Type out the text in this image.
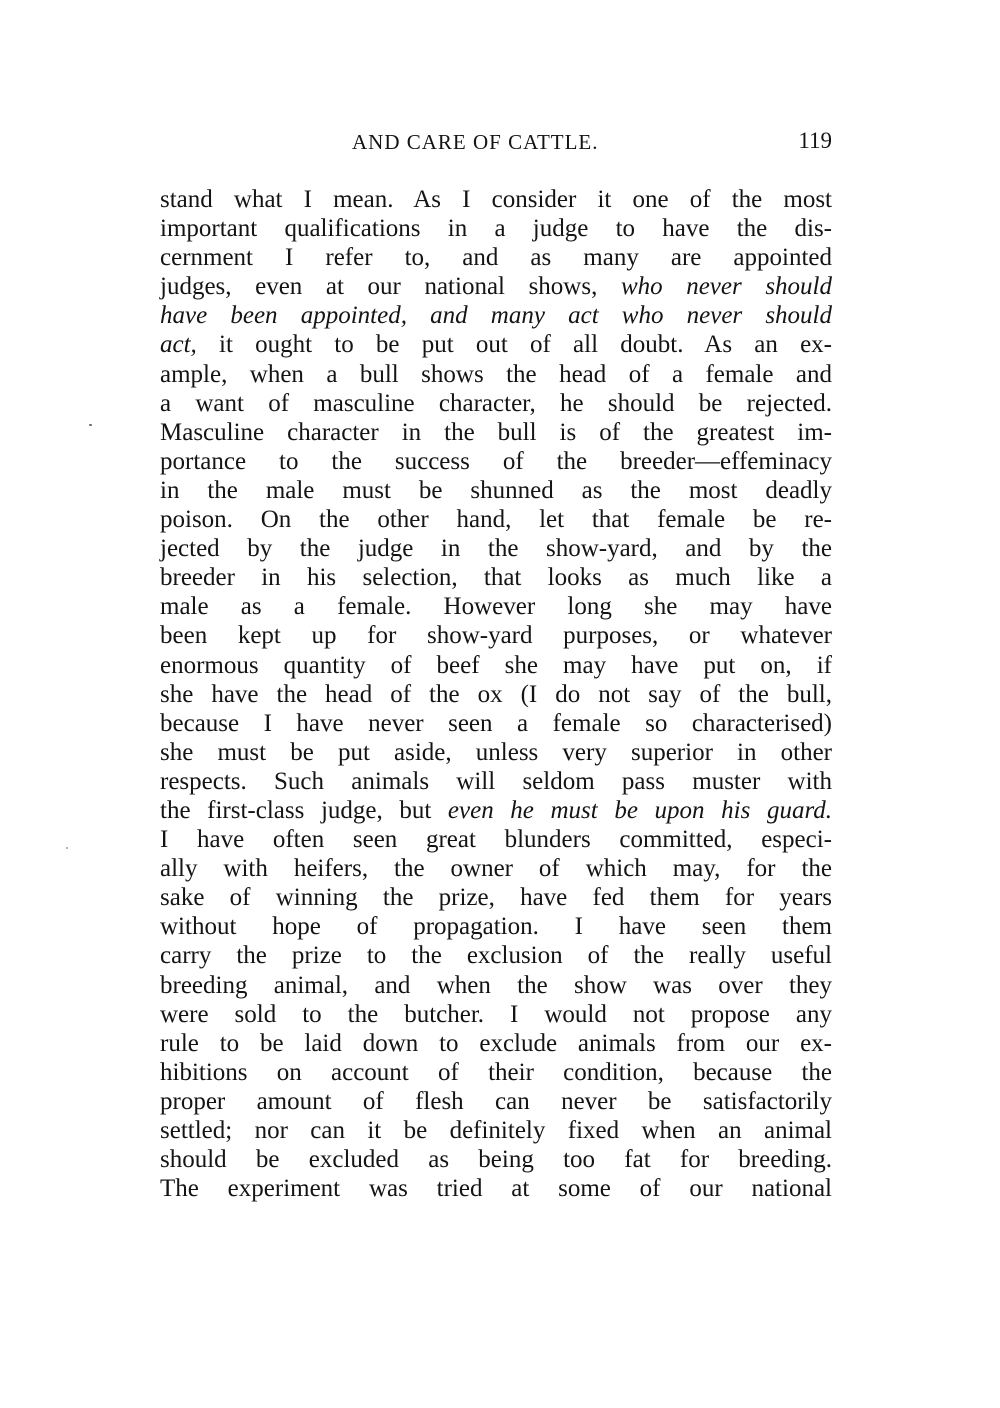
AND CARE OF CATTLE.	119
stand what I mean. As I consider it one of the most
important qualifications in a judge to have the dis-
cernment I refer to, and as many are appointed
judges, even at our national shows, who never should
have been appointed, and many act who never should
act, it ought to be put out of all doubt. As an ex-
ample, when a bull shows the head of a female and
a want of masculine character, he should be rejected.
Masculine character in the bull is of the greatest im-
portance to the success of the breeder—effeminacy
in the male must be shunned as the most deadly
poison. On the other hand, let that female be re-
jected by the judge in the show-yard, and by the
breeder in his selection, that looks as much like a
male as a female. However long she may have
been kept up for show-yard purposes, or whatever
enormous quantity of beef she may have put on, if
she have the head of the ox (I do not say of the bull,
because I have never seen a female so characterised)
she must be put aside, unless very superior in other
respects. Such animals will seldom pass muster with
the first-class judge, but even he must be upon his guard.
I have often seen great blunders committed, especi-
ally with heifers, the owner of which may, for the
sake of winning the prize, have fed them for years
without hope of propagation. I have seen them
carry the prize to the exclusion of the really useful
breeding animal, and when the show was over they
were sold to the butcher. I would not propose any
rule to be laid down to exclude animals from our ex-
hibitions on account of their condition, because the
proper amount of flesh can never be satisfactorily
settled; nor can it be definitely fixed when an animal
should be excluded as being too fat for breeding.
The experiment was tried at some of our national
